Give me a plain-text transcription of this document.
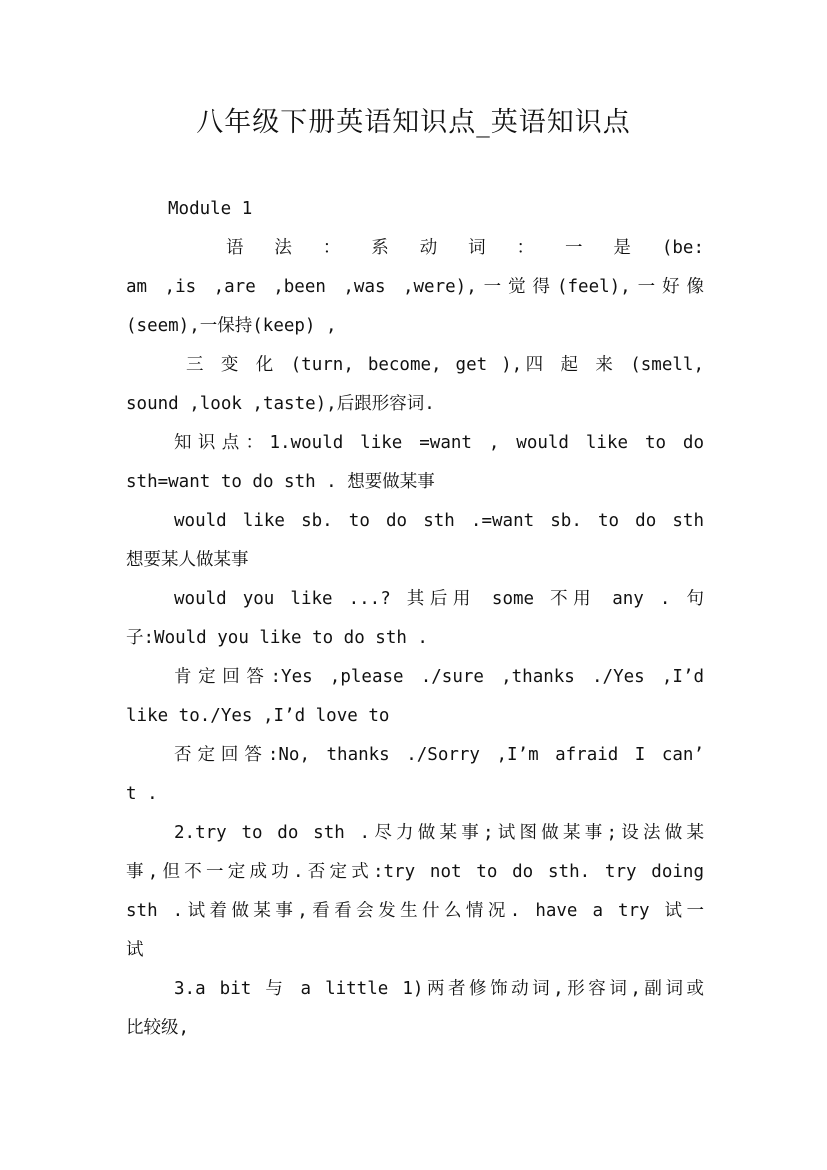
八年级下册英语知识点_英语知识点
Module 1
语 法 ： 系 动 词 ： 一 是 (be:
am ,is ,are ,been ,was ,were),一觉得(feel),一好像
(seem),一保持(keep) ,
三 变 化 (turn, become, get ),四 起 来 (smell,
sound ,look ,taste),后跟形容词.
知识点：1.would like =want , would like to do
sth=want to do sth . 想要做某事
would like sb. to do sth .=want sb. to do sth
想要某人做某事
would you like ...? 其后用 some 不用 any . 句
子:Would you like to do sth .
肯定回答:Yes ,please ./sure ,thanks ./Yes ,I’d
like to./Yes ,I’d love to
否定回答:No, thanks ./Sorry ,I’m afraid I can’
t .
2.try to do sth .尽力做某事;试图做某事;设法做某
事,但不一定成功.否定式:try not to do sth. try doing
sth .试着做某事,看看会发生什么情况. have a try 试一
试
3.a bit 与 a little 1)两者修饰动词,形容词,副词或
比较级,
